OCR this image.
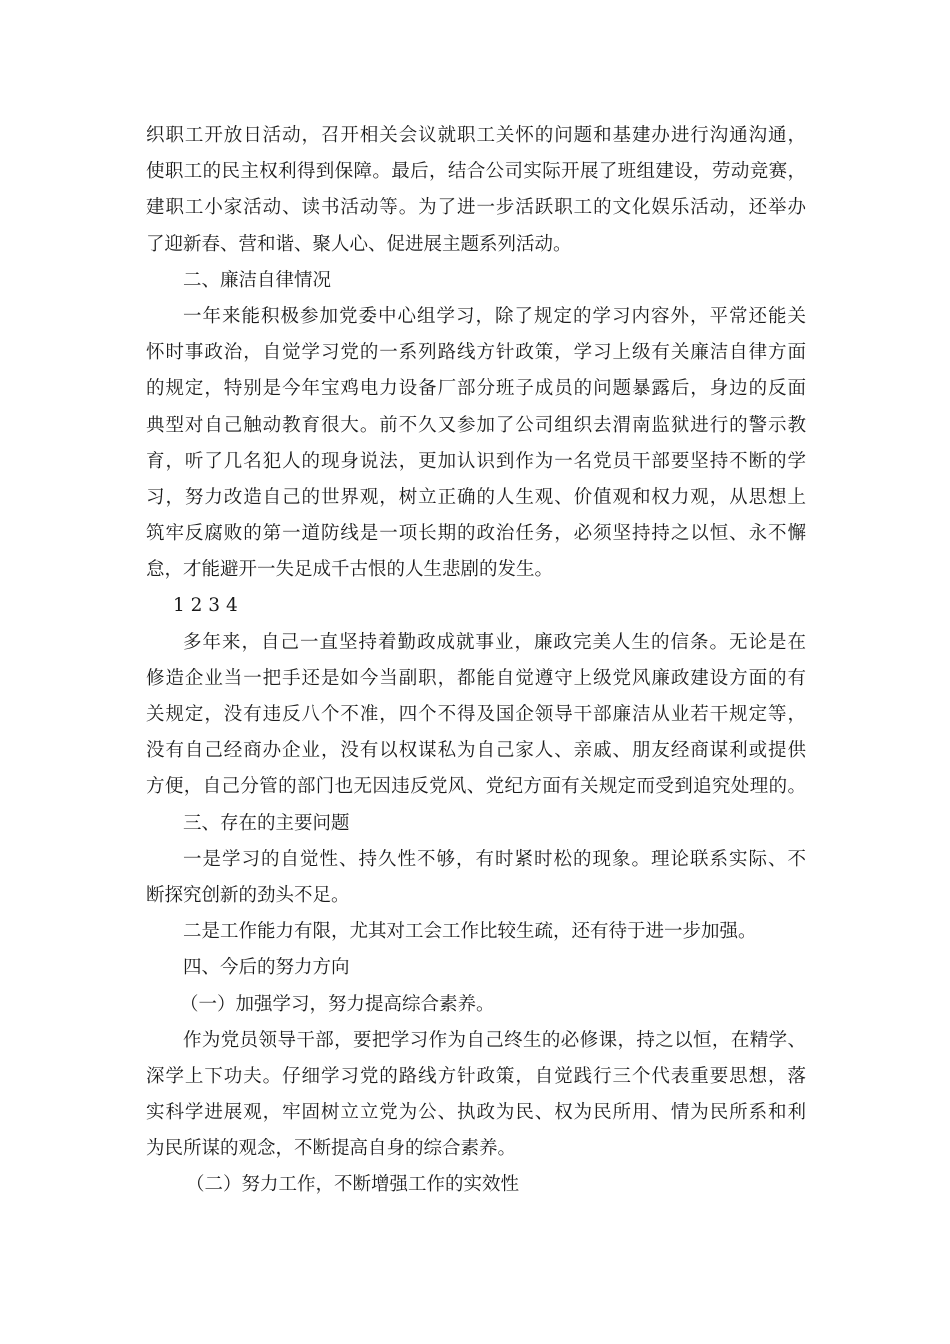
织职工开放日活动，召开相关会议就职工关怀的问题和基建办进行沟通沟通，
使职工的民主权利得到保障。最后，结合公司实际开展了班组建设，劳动竞赛，
建职工小家活动、读书活动等。为了进一步活跃职工的文化娱乐活动，还举办
了迎新春、营和谐、聚人心、促进展主题系列活动。
二、廉洁自律情况
一年来能积极参加党委中心组学习，除了规定的学习内容外，平常还能关
怀时事政治，自觉学习党的一系列路线方针政策，学习上级有关廉洁自律方面
的规定，特别是今年宝鸡电力设备厂部分班子成员的问题暴露后，身边的反面
典型对自己触动教育很大。前不久又参加了公司组织去渭南监狱进行的警示教
育，听了几名犯人的现身说法，更加认识到作为一名党员干部要坚持不断的学
习，努力改造自己的世界观，树立正确的人生观、价值观和权力观，从思想上
筑牢反腐败的第一道防线是一项长期的政治任务，必须坚持持之以恒、永不懈
怠，才能避开一失足成千古恨的人生悲剧的发生。
1 2 3 4
多年来，自己一直坚持着勤政成就事业，廉政完美人生的信条。无论是在
修造企业当一把手还是如今当副职，都能自觉遵守上级党风廉政建设方面的有
关规定，没有违反八个不准，四个不得及国企领导干部廉洁从业若干规定等，
没有自己经商办企业，没有以权谋私为自己家人、亲戚、朋友经商谋利或提供
方便，自己分管的部门也无因违反党风、党纪方面有关规定而受到追究处理的。
三、存在的主要问题
一是学习的自觉性、持久性不够，有时紧时松的现象。理论联系实际、不
断探究创新的劲头不足。
二是工作能力有限，尤其对工会工作比较生疏，还有待于进一步加强。
四、今后的努力方向
（一）加强学习，努力提高综合素养。
作为党员领导干部，要把学习作为自己终生的必修课，持之以恒，在精学、
深学上下功夫。仔细学习党的路线方针政策，自觉践行三个代表重要思想，落
实科学进展观，牢固树立立党为公、执政为民、权为民所用、情为民所系和利
为民所谋的观念，不断提高自身的综合素养。
（二）努力工作，不断增强工作的实效性
